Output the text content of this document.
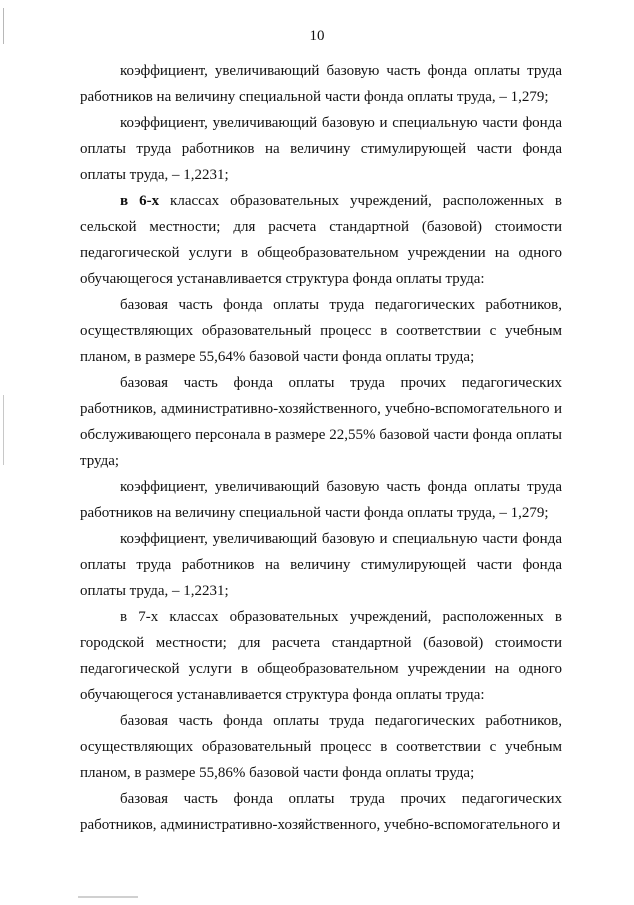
10

коэффициент, увеличивающий базовую часть фонда оплаты труда работников на величину специальной части фонда оплаты труда, – 1,279;

коэффициент, увеличивающий базовую и специальную части фонда оплаты труда работников на величину стимулирующей части фонда оплаты труда, – 1,2231;

в 6-х классах образовательных учреждений, расположенных в сельской местности; для расчета стандартной (базовой) стоимости педагогической услуги в общеобразовательном учреждении на одного обучающегося устанавливается структура фонда оплаты труда:

базовая часть фонда оплаты труда педагогических работников, осуществляющих образовательный процесс в соответствии с учебным планом, в размере 55,64% базовой части фонда оплаты труда;

базовая часть фонда оплаты труда прочих педагогических работников, административно-хозяйственного, учебно-вспомогательного и обслуживающего персонала в размере 22,55% базовой части фонда оплаты труда;

коэффициент, увеличивающий базовую часть фонда оплаты труда работников на величину специальной части фонда оплаты труда, – 1,279;

коэффициент, увеличивающий базовую и специальную части фонда оплаты труда работников на величину стимулирующей части фонда оплаты труда, – 1,2231;

в 7-х классах образовательных учреждений, расположенных в городской местности; для расчета стандартной (базовой) стоимости педагогической услуги в общеобразовательном учреждении на одного обучающегося устанавливается структура фонда оплаты труда:

базовая часть фонда оплаты труда педагогических работников, осуществляющих образовательный процесс в соответствии с учебным планом, в размере 55,86% базовой части фонда оплаты труда;

базовая часть фонда оплаты труда прочих педагогических работников, административно-хозяйственного, учебно-вспомогательного и
